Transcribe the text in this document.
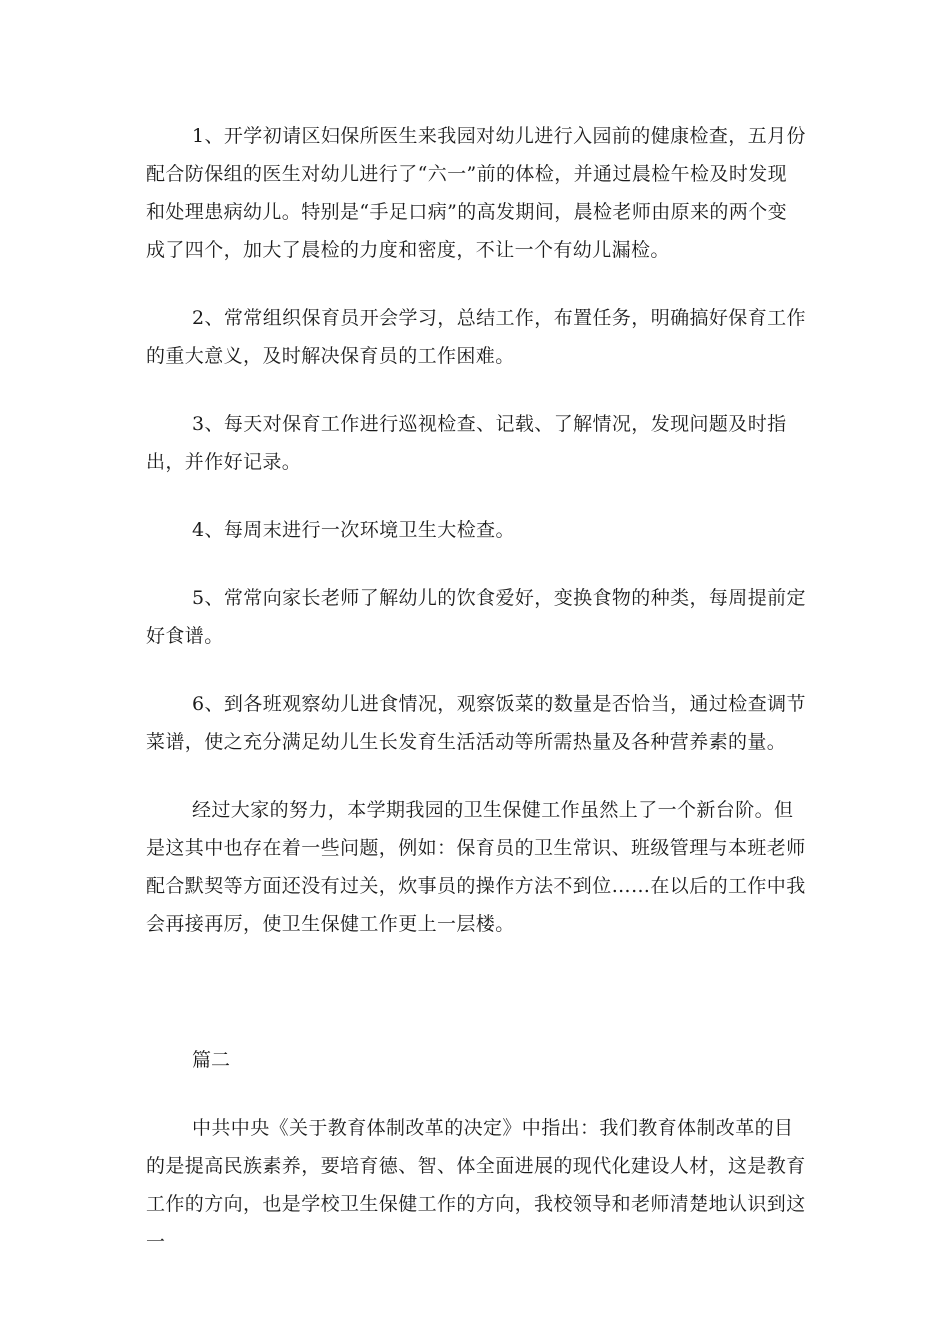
1、开学初请区妇保所医生来我园对幼儿进行入园前的健康检查，五月份配合防保组的医生对幼儿进行了“六一”前的体检，并通过晨检午检及时发现和处理患病幼儿。特别是“手足口病”的高发期间，晨检老师由原来的两个变成了四个，加大了晨检的力度和密度，不让一个有幼儿漏检。

2、常常组织保育员开会学习，总结工作，布置任务，明确搞好保育工作的重大意义，及时解决保育员的工作困难。

3、每天对保育工作进行巡视检查、记载、了解情况，发现问题及时指出，并作好记录。

4、每周末进行一次环境卫生大检查。

5、常常向家长老师了解幼儿的饮食爱好，变换食物的种类，每周提前定好食谱。

6、到各班观察幼儿进食情况，观察饭菜的数量是否恰当，通过检查调节菜谱，使之充分满足幼儿生长发育生活活动等所需热量及各种营养素的量。

经过大家的努力，本学期我园的卫生保健工作虽然上了一个新台阶。但是这其中也存在着一些问题，例如：保育员的卫生常识、班级管理与本班老师配合默契等方面还没有过关，炊事员的操作方法不到位……在以后的工作中我会再接再厉，使卫生保健工作更上一层楼。

篇二

中共中央《关于教育体制改革的决定》中指出：我们教育体制改革的目的是提高民族素养，要培育德、智、体全面进展的现代化建设人材，这是教育工作的方向，也是学校卫生保健工作的方向，我校领导和老师清楚地认识到这一
